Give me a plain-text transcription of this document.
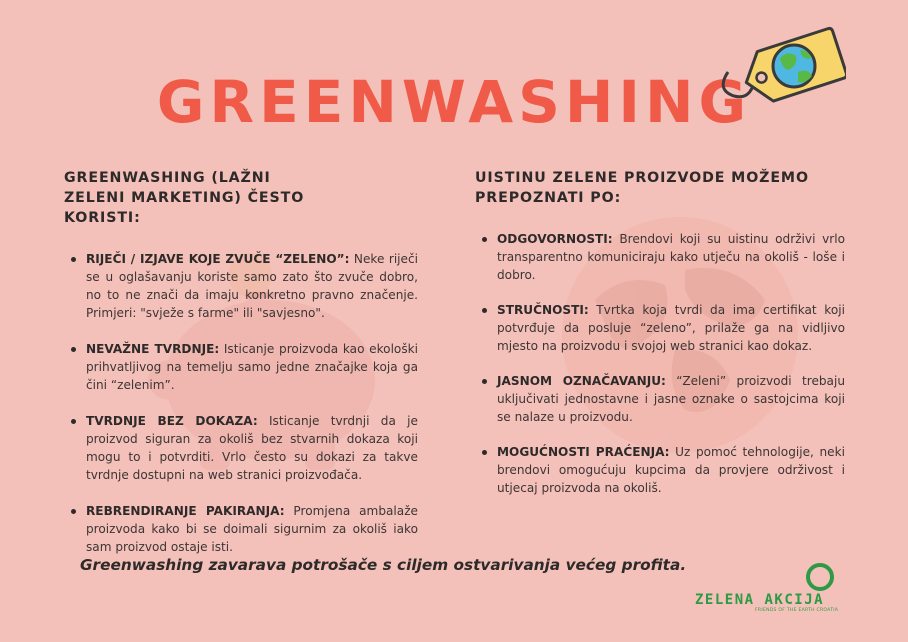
GREENWASHING
GREENWASHING (LAŽNI ZELENI MARKETING) ČESTO KORISTI:
RIJEČI / IZJAVE KOJE ZVUČE “ZELENO”: Neke riječi se u oglašavanju koriste samo zato što zvuče dobro, no to ne znači da imaju konkretno pravno značenje. Primjeri: "svježe s farme" ili "savjesno".
NEVAŽNE TVRDNJE: Isticanje proizvoda kao ekološki prihvatljivog na temelju samo jedne značajke koja ga čini “zelenim”.
TVRDNJE BEZ DOKAZA: Isticanje tvrdnji da je proizvod siguran za okoliš bez stvarnih dokaza koji mogu to i potvrditi. Vrlo često su dokazi za takve tvrdnje dostupni na web stranici proizvođača.
REBRENDIRANJE PAKIRANJA: Promjena ambalaže proizvoda kako bi se doimali sigurnim za okoliš iako sam proizvod ostaje isti.
UISTINU ZELENE PROIZVODE MOŽEMO PREPOZNATI PO:
ODGOVORNOSTI: Brendovi koji su uistinu održivi vrlo transparentno komuniciraju kako utječu na okoliš - loše i dobro.
STRUČNOSTI: Tvrtka koja tvrdi da ima certifikat koji potvrđuje da posluje “zeleno”, prilaže ga na vidljivo mjesto na proizvodu i svojoj web stranici kao dokaz.
JASNOM OZNAČAVANJU: “Zeleni” proizvodi trebaju uključivati jednostavne i jasne oznake o sastojcima koji se nalaze u proizvodu.
MOGUĆNOSTI PRAĆENJA: Uz pomoć tehnologije, neki brendovi omogućuju kupcima da provjere održivost i utjecaj proizvoda na okoliš.

Greenwashing zavarava potrošače s ciljem ostvarivanja većeg profita.

ZELENA AKCIJA
FRIENDS OF THE EARTH CROATIA
